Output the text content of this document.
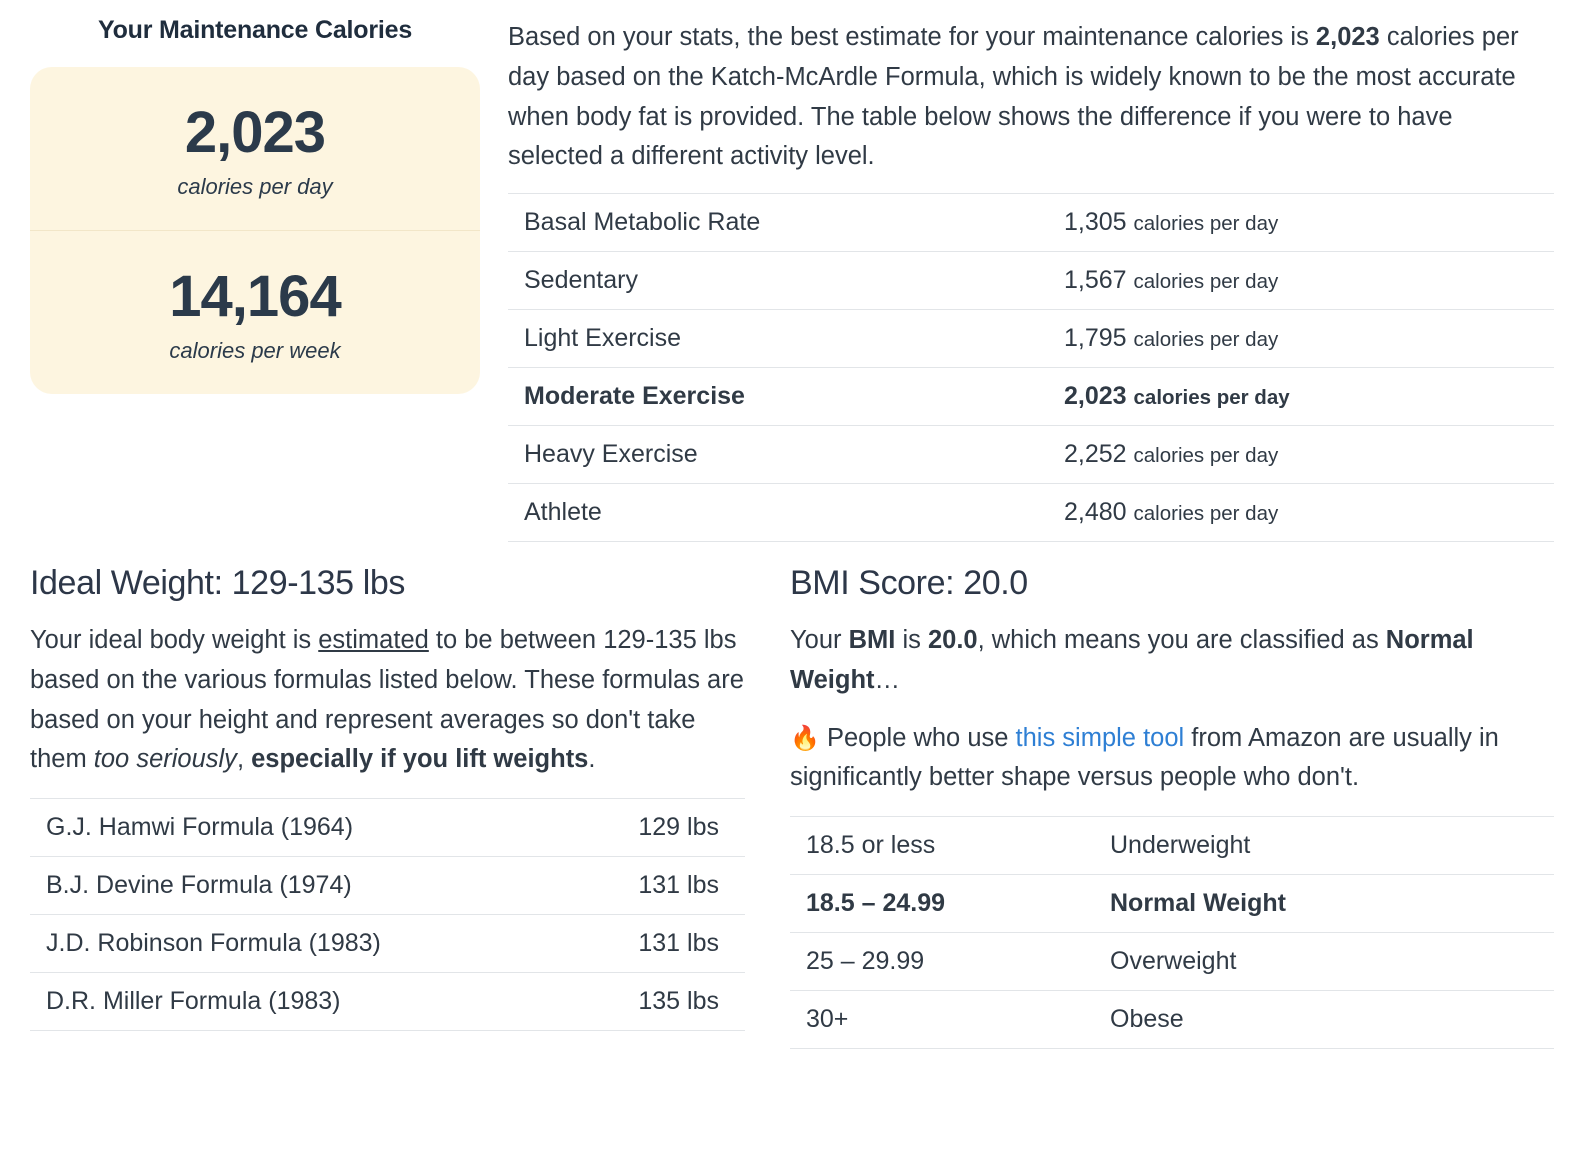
Your Maintenance Calories
2,023
calories per day
14,164
calories per week

Based on your stats, the best estimate for your maintenance calories is 2,023 calories per day based on the Katch-McArdle Formula, which is widely known to be the most accurate when body fat is provided. The table below shows the difference if you were to have selected a different activity level.

Basal Metabolic Rate	1,305 calories per day
Sedentary	1,567 calories per day
Light Exercise	1,795 calories per day
Moderate Exercise	2,023 calories per day
Heavy Exercise	2,252 calories per day
Athlete	2,480 calories per day
Ideal Weight: 129-135 lbs

Your ideal body weight is estimated to be between 129-135 lbs based on the various formulas listed below. These formulas are based on your height and represent averages so don't take them too seriously, especially if you lift weights.

G.J. Hamwi Formula (1964)	129 lbs
B.J. Devine Formula (1974)	131 lbs
J.D. Robinson Formula (1983)	131 lbs
D.R. Miller Formula (1983)	135 lbs
BMI Score: 20.0

Your BMI is 20.0, which means you are classified as Normal Weight…

🔥 People who use this simple tool from Amazon are usually in significantly better shape versus people who don't.

18.5 or less	Underweight
18.5 – 24.99	Normal Weight
25 – 29.99	Overweight
30+	Obese
